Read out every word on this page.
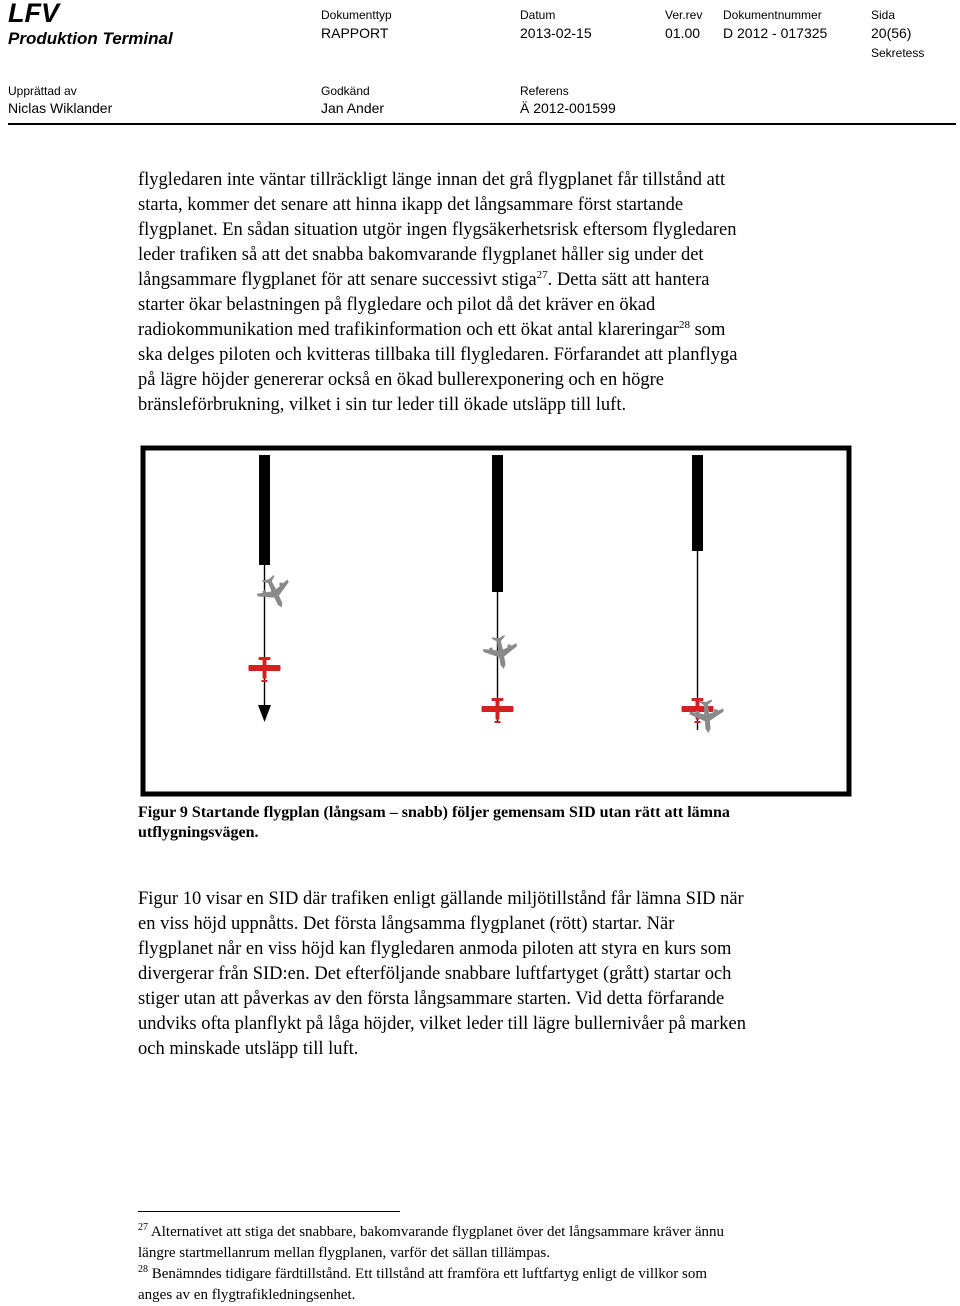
LFV
Produktion Terminal
Dokumenttyp
RAPPORT
Datum
2013-02-15
Ver.rev
01.00
Dokumentnummer
D 2012 - 017325
Sida
20(56)
Sekretess
Upprättad av
Niclas Wiklander
Godkänd
Jan Ander
Referens
Ä 2012-001599
flygledaren inte väntar tillräckligt länge innan det grå flygplanet får tillstånd att
starta, kommer det senare att hinna ikapp det långsammare först startande
flygplanet. En sådan situation utgör ingen flygsäkerhetsrisk eftersom flygledaren
leder trafiken så att det snabba bakomvarande flygplanet håller sig under det
långsammare flygplanet för att senare successivt stiga$^{27}$. Detta sätt att hantera
starter ökar belastningen på flygledare och pilot då det kräver en ökad
radiokommunikation med trafikinformation och ett ökat antal klareringar$^{28}$ som
ska delges piloten och kvitteras tillbaka till flygledaren. Förfarandet att planflyga
på lägre höjder genererar också en ökad bullerexponering och en högre
bränsleförbrukning, vilket i sin tur leder till ökade utsläpp till luft.
Figur 9 Startande flygplan (långsam – snabb) följer gemensam SID utan rätt att lämna
utflygningsvägen.
Figur 10 visar en SID där trafiken enligt gällande miljötillstånd får lämna SID när
en viss höjd uppnåtts. Det första långsamma flygplanet (rött) startar. När
flygplanet når en viss höjd kan flygledaren anmoda piloten att styra en kurs som
divergerar från SID:en. Det efterföljande snabbare luftfartyget (grått) startar och
stiger utan att påverkas av den första långsammare starten. Vid detta förfarande
undviks ofta planflykt på låga höjder, vilket leder till lägre bullernivåer på marken
och minskade utsläpp till luft.
$^{27}$ Alternativet att stiga det snabbare, bakomvarande flygplanet över det långsammare kräver ännu
längre startmellanrum mellan flygplanen, varför det sällan tillämpas.
$^{28}$ Benämndes tidigare färdtillstånd. Ett tillstånd att framföra ett luftfartyg enligt de villkor som
anges av en flygtrafikledningsenhet.
